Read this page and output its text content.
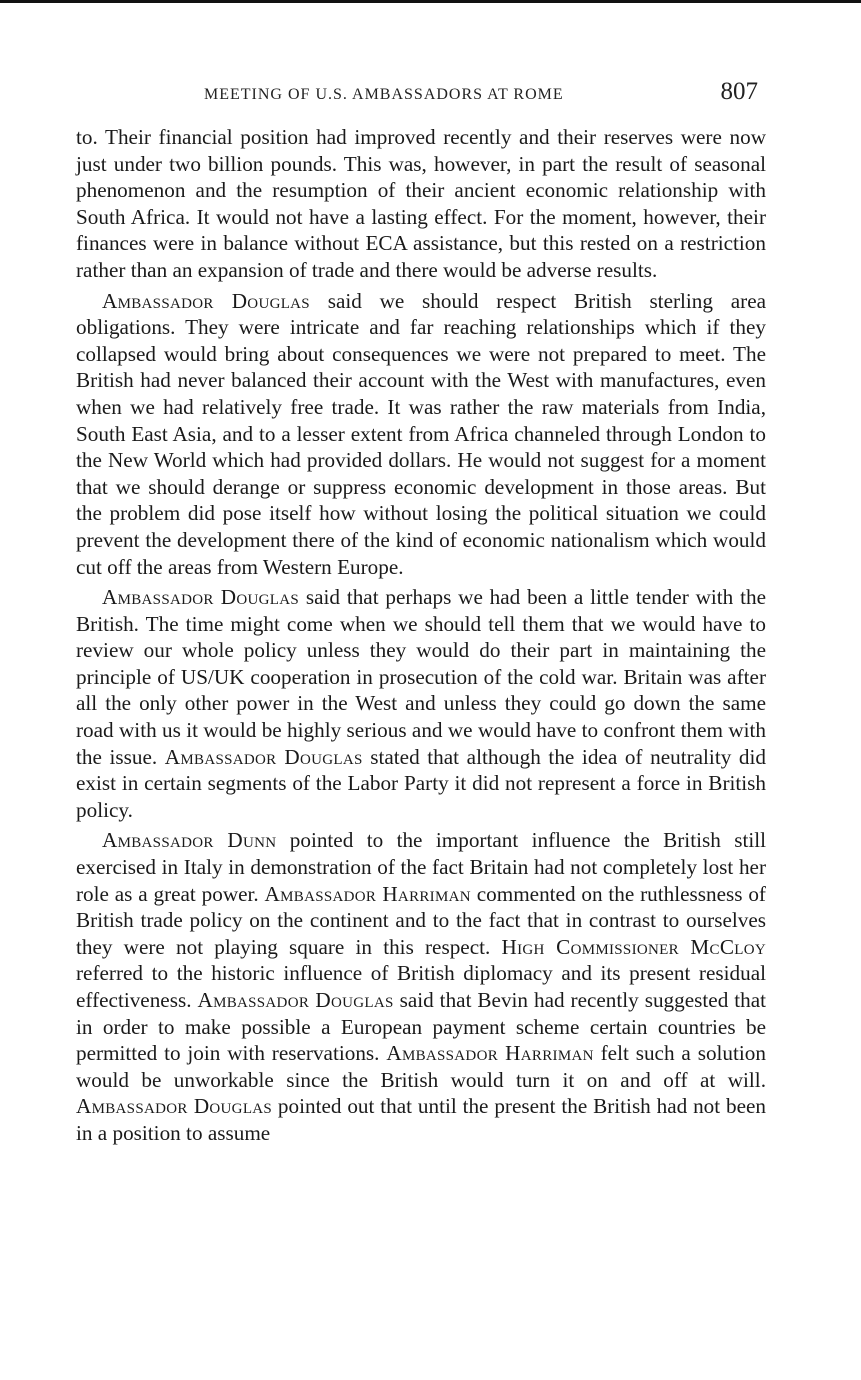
MEETING OF U.S. AMBASSADORS AT ROME	807

to. Their financial position had improved recently and their reserves were now just under two billion pounds. This was, however, in part the result of seasonal phenomenon and the resumption of their ancient economic relationship with South Africa. It would not have a lasting effect. For the moment, however, their finances were in balance without ECA assistance, but this rested on a restriction rather than an expansion of trade and there would be adverse results.

Ambassador Douglas said we should respect British sterling area obligations. They were intricate and far reaching relationships which if they collapsed would bring about consequences we were not prepared to meet. The British had never balanced their account with the West with manufactures, even when we had relatively free trade. It was rather the raw materials from India, South East Asia, and to a lesser extent from Africa channeled through London to the New World which had provided dollars. He would not suggest for a moment that we should derange or suppress economic development in those areas. But the problem did pose itself how without losing the political situation we could prevent the development there of the kind of economic nationalism which would cut off the areas from Western Europe.

Ambassador Douglas said that perhaps we had been a little tender with the British. The time might come when we should tell them that we would have to review our whole policy unless they would do their part in maintaining the principle of US/UK cooperation in prosecution of the cold war. Britain was after all the only other power in the West and unless they could go down the same road with us it would be highly serious and we would have to confront them with the issue. Ambassador Douglas stated that although the idea of neutrality did exist in certain segments of the Labor Party it did not represent a force in British policy.

Ambassador Dunn pointed to the important influence the British still exercised in Italy in demonstration of the fact Britain had not completely lost her role as a great power. Ambassador Harriman commented on the ruthlessness of British trade policy on the continent and to the fact that in contrast to ourselves they were not playing square in this respect. High Commissioner McCloy referred to the historic influence of British diplomacy and its present residual effectiveness. Ambassador Douglas said that Bevin had recently suggested that in order to make possible a European payment scheme certain countries be permitted to join with reservations. Ambassador Harriman felt such a solution would be unworkable since the British would turn it on and off at will. Ambassador Douglas pointed out that until the present the British had not been in a position to assume
